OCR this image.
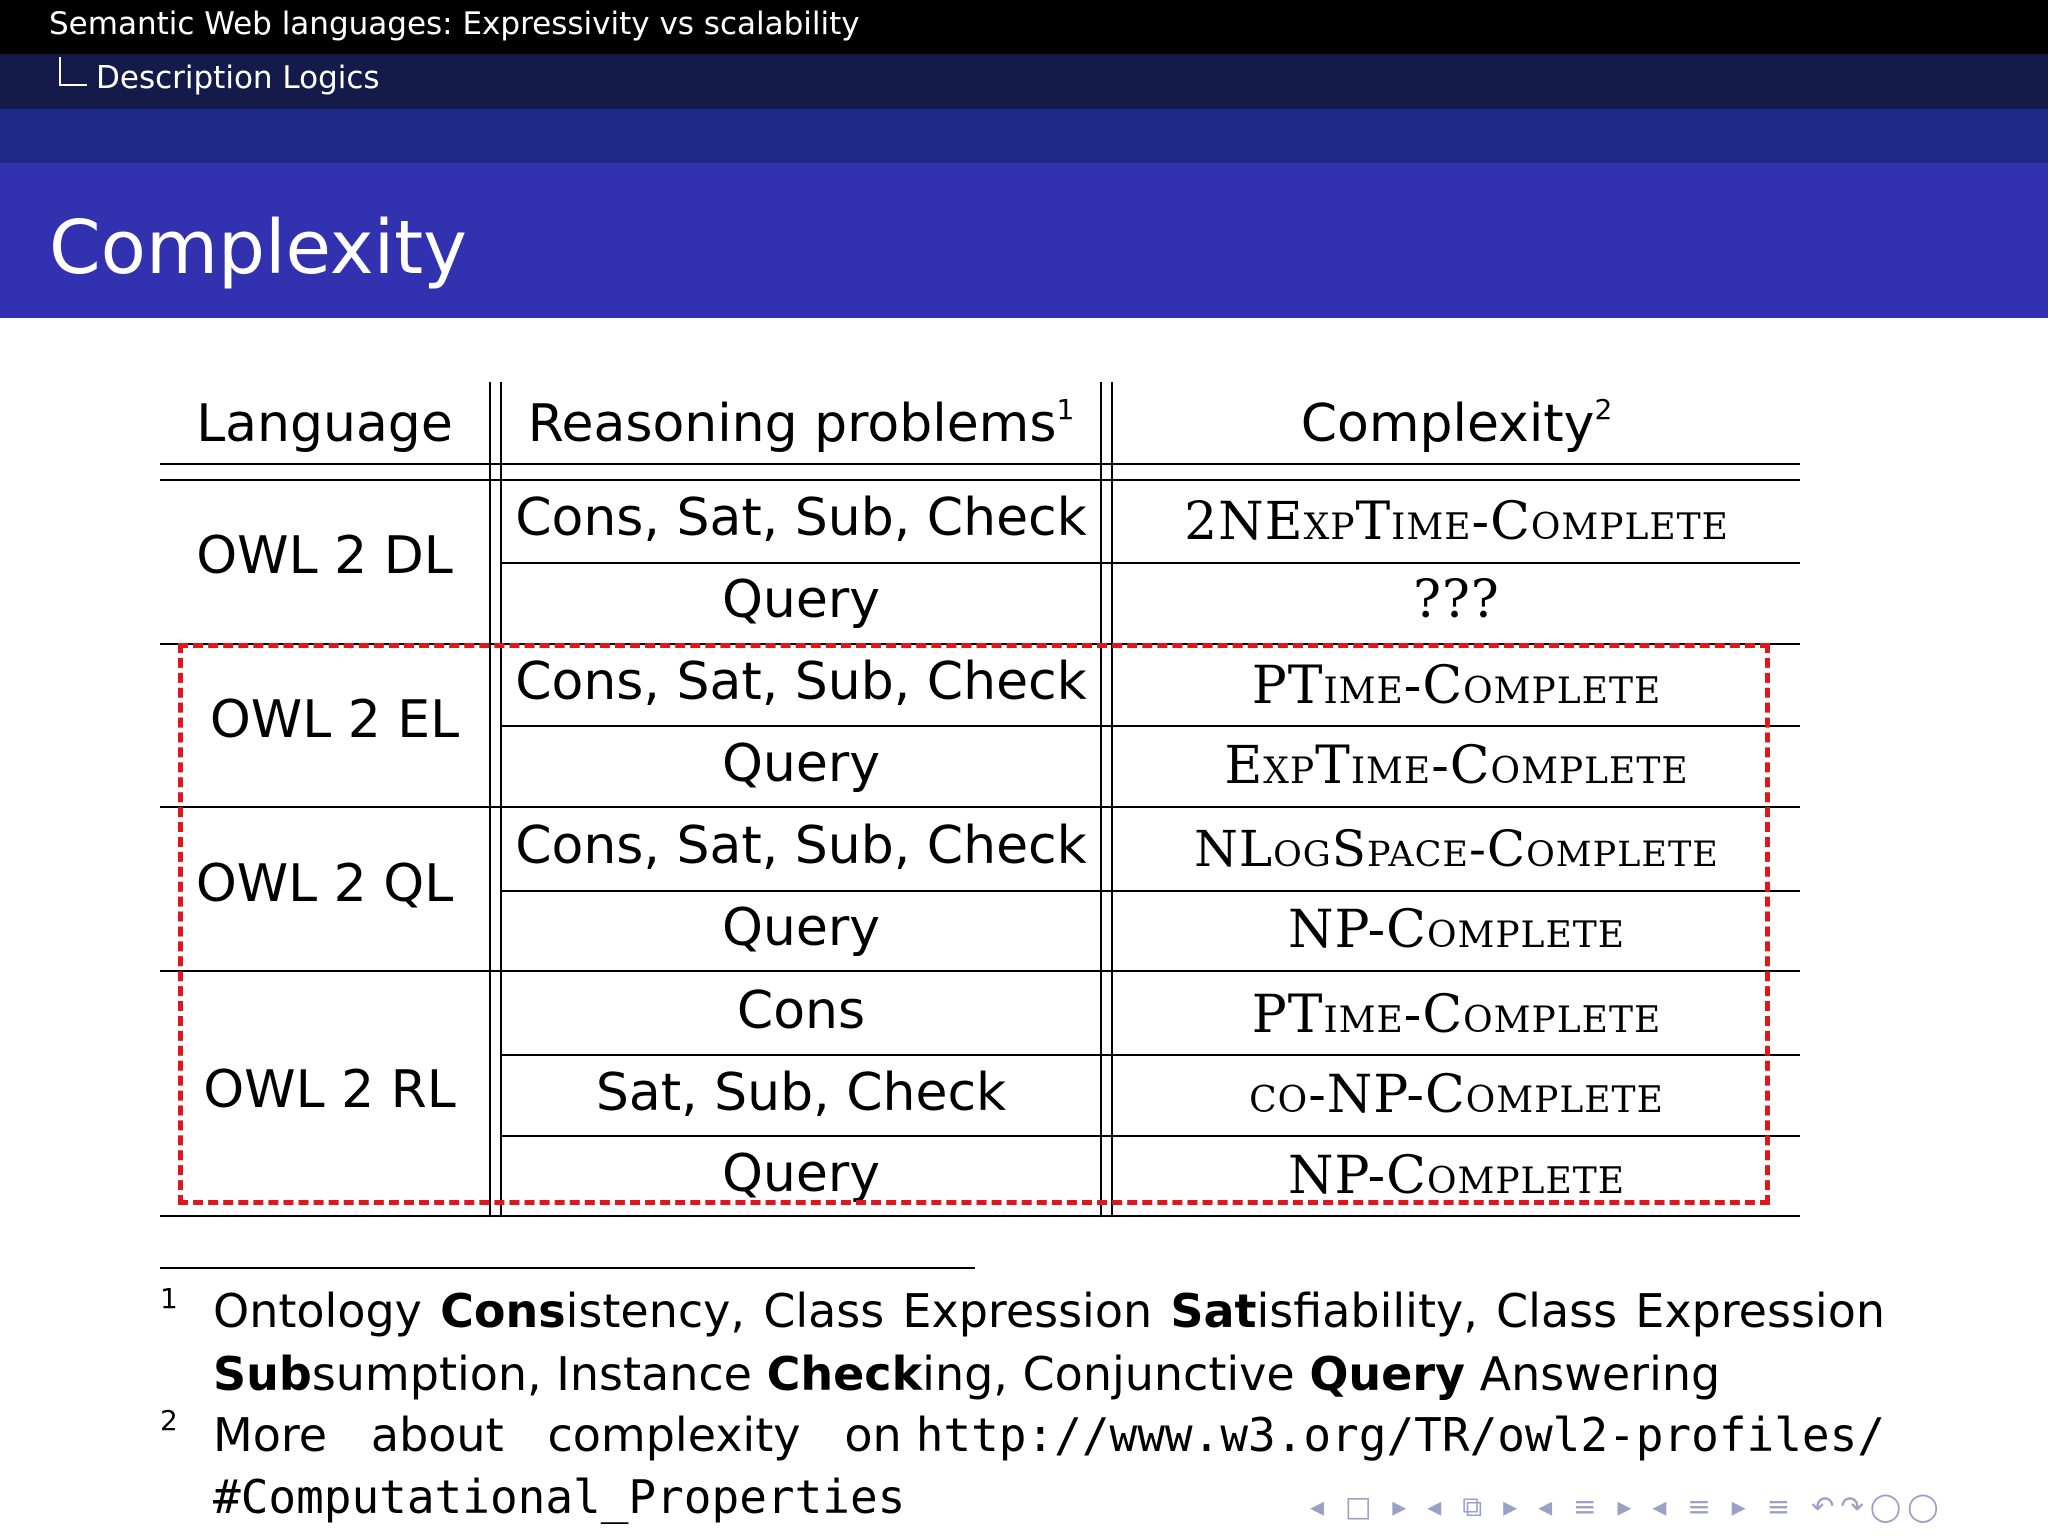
Semantic Web languages: Expressivity vs scalability
Description Logics
Complexity
Language	Reasoning problems$^1$	Complexity$^2$
OWL 2 DL
Cons, Sat, Sub, Check	2NExpTime-Complete
Query	???
OWL 2 EL
Cons, Sat, Sub, Check	PTime-Complete
Query	ExpTime-Complete
OWL 2 QL
Cons, Sat, Sub, Check	NLogSpace-Complete
Query	NP-Complete
OWL 2 RL
Cons	PTime-Complete
Sat, Sub, Check	co-NP-Complete
Query	NP-Complete
1 Ontology Consistency, Class Expression Satisfiability, Class Expression
Subsumption, Instance Checking, Conjunctive Query Answering
2 More   about   complexity   on http://www.w3.org/TR/owl2-profiles/
#Computational_Properties	◂ □ ▸ ◂ ⧉ ▸ ◂ ≡ ▸ ◂ ≡ ▸ ≡ ↶↷◯◯
